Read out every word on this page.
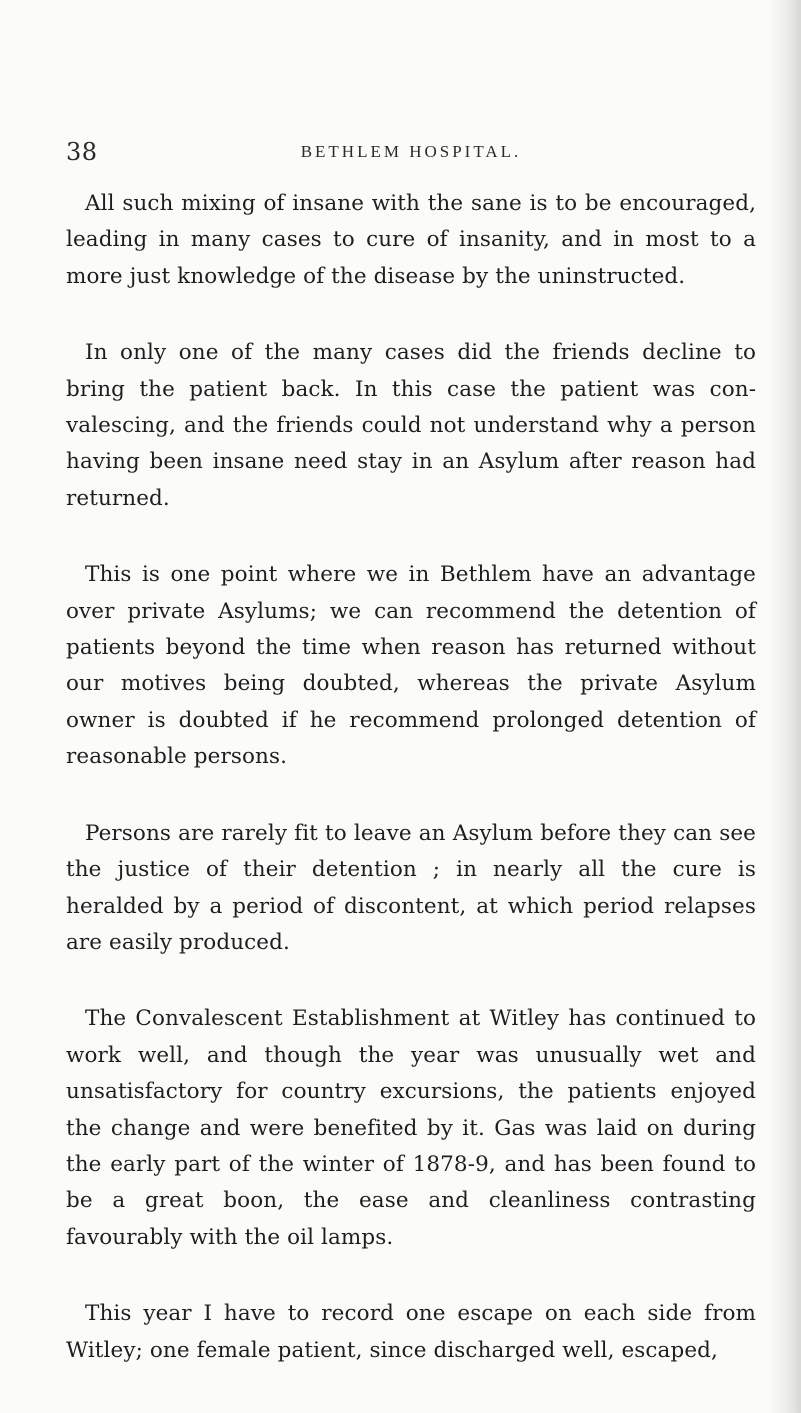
38	BETHLEM HOSPITAL.

All such mixing of insane with the sane is to be encouraged, leading in many cases to cure of insanity, and in most to a more just knowledge of the disease by the uninstructed.

In only one of the many cases did the friends decline to bring the patient back. In this case the patient was convalescing, and the friends could not understand why a person having been insane need stay in an Asylum after reason had returned.

This is one point where we in Bethlem have an advantage over private Asylums; we can recommend the detention of patients beyond the time when reason has returned without our motives being doubted, whereas the private Asylum owner is doubted if he recommend prolonged detention of reasonable persons.

Persons are rarely fit to leave an Asylum before they can see the justice of their detention ; in nearly all the cure is heralded by a period of discontent, at which period relapses are easily produced.

The Convalescent Establishment at Witley has continued to work well, and though the year was unusually wet and unsatisfactory for country excursions, the patients enjoyed the change and were benefited by it. Gas was laid on during the early part of the winter of 1878-9, and has been found to be a great boon, the ease and cleanliness contrasting favourably with the oil lamps.

This year I have to record one escape on each side from Witley; one female patient, since discharged well, escaped,
